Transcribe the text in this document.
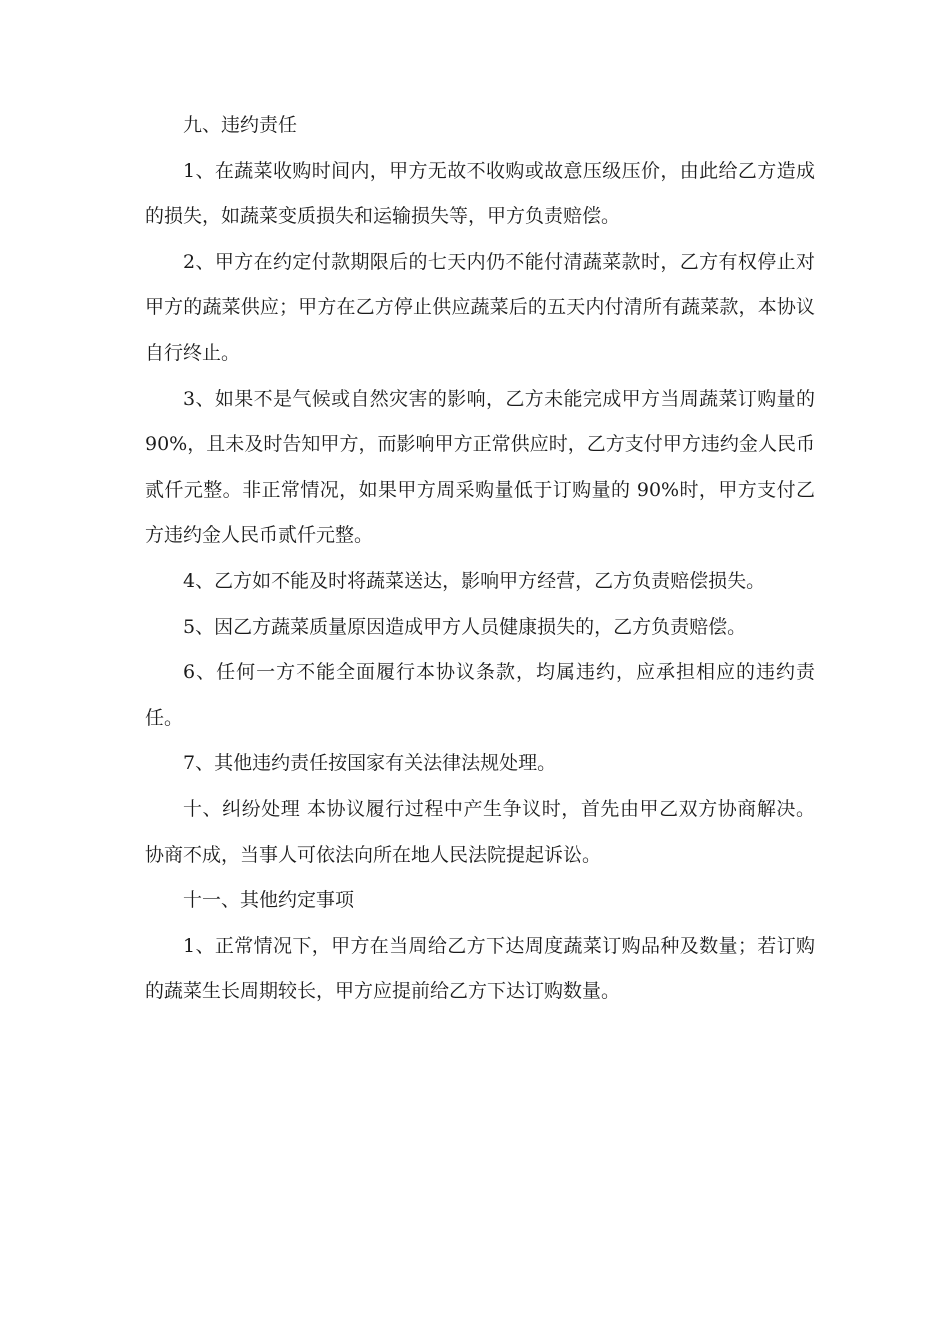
九、违约责任

1、在蔬菜收购时间内，甲方无故不收购或故意压级压价，由此给乙方造成的损失，如蔬菜变质损失和运输损失等，甲方负责赔偿。

2、甲方在约定付款期限后的七天内仍不能付清蔬菜款时，乙方有权停止对甲方的蔬菜供应；甲方在乙方停止供应蔬菜后的五天内付清所有蔬菜款，本协议自行终止。

3、如果不是气候或自然灾害的影响，乙方未能完成甲方当周蔬菜订购量的 90%，且未及时告知甲方，而影响甲方正常供应时，乙方支付甲方违约金人民币贰仟元整。非正常情况，如果甲方周采购量低于订购量的 90%时，甲方支付乙方违约金人民币贰仟元整。

4、乙方如不能及时将蔬菜送达，影响甲方经营，乙方负责赔偿损失。

5、因乙方蔬菜质量原因造成甲方人员健康损失的，乙方负责赔偿。

6、任何一方不能全面履行本协议条款，均属违约，应承担相应的违约责任。

7、其他违约责任按国家有关法律法规处理。

十、纠纷处理 本协议履行过程中产生争议时，首先由甲乙双方协商解决。协商不成，当事人可依法向所在地人民法院提起诉讼。

十一、其他约定事项

1、正常情况下，甲方在当周给乙方下达周度蔬菜订购品种及数量；若订购的蔬菜生长周期较长，甲方应提前给乙方下达订购数量。
